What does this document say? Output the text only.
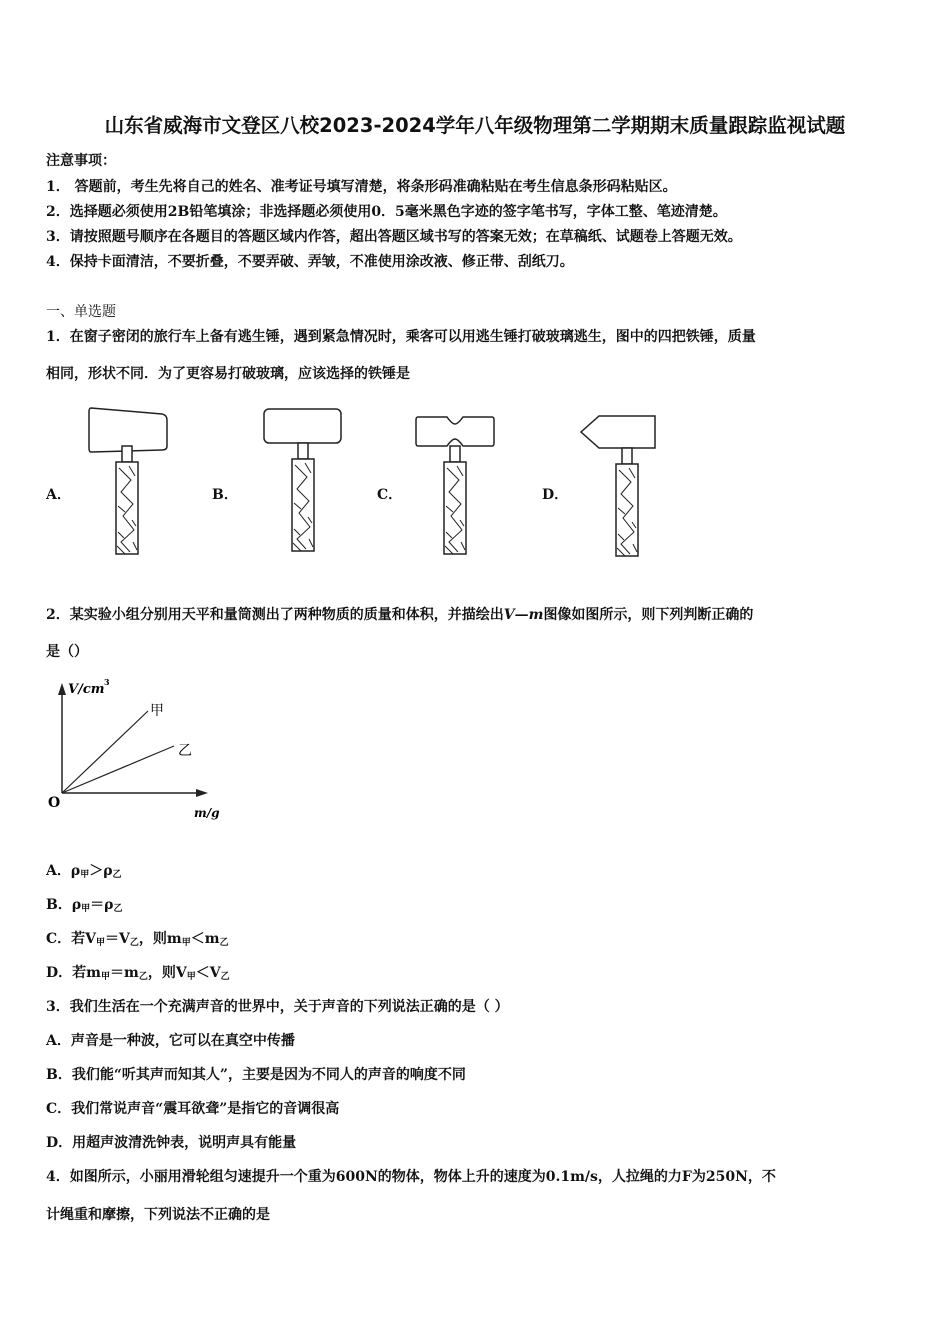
山东省威海市文登区八校2023-2024学年八年级物理第二学期期末质量跟踪监视试题
注意事项：
1． 答题前，考生先将自己的姓名、准考证号填写清楚，将条形码准确粘贴在考生信息条形码粘贴区。
2．选择题必须使用2B铅笔填涂；非选择题必须使用0．5毫米黑色字迹的签字笔书写，字体工整、笔迹清楚。
3．请按照题号顺序在各题目的答题区域内作答，超出答题区域书写的答案无效；在草稿纸、试题卷上答题无效。
4．保持卡面清洁，不要折叠，不要弄破、弄皱，不准使用涂改液、修正带、刮纸刀。
一、单选题
1．在窗子密闭的旅行车上备有逃生锤，遇到紧急情况时，乘客可以用逃生锤打破玻璃逃生，图中的四把铁锤，质量
相同，形状不同．为了更容易打破玻璃，应该选择的铁锤是
A．	B．	C．	D．
2．某实验小组分别用天平和量筒测出了两种物质的质量和体积，并描绘出V—m图像如图所示，则下列判断正确的
是（）
V/cm 3
甲
乙
O
m/g
A．$\rho_甲>\rho_乙$
B．$\rho_甲=\rho_乙$
C．若$V_甲=V_乙$，则$m_甲<m_乙$
D．若$m_甲=m_乙$，则$V_甲<V_乙$
3．我们生活在一个充满声音的世界中，关于声音的下列说法正确的是（ ）
A．声音是一种波，它可以在真空中传播
B．我们能“听其声而知其人”，主要是因为不同人的声音的响度不同
C．我们常说声音“震耳欲聋”是指它的音调很高
D．用超声波清洗钟表，说明声具有能量
4．如图所示，小丽用滑轮组匀速提升一个重为600N的物体，物体上升的速度为0.1m/s，人拉绳的力F为250N，不
计绳重和摩擦，下列说法不正确的是
